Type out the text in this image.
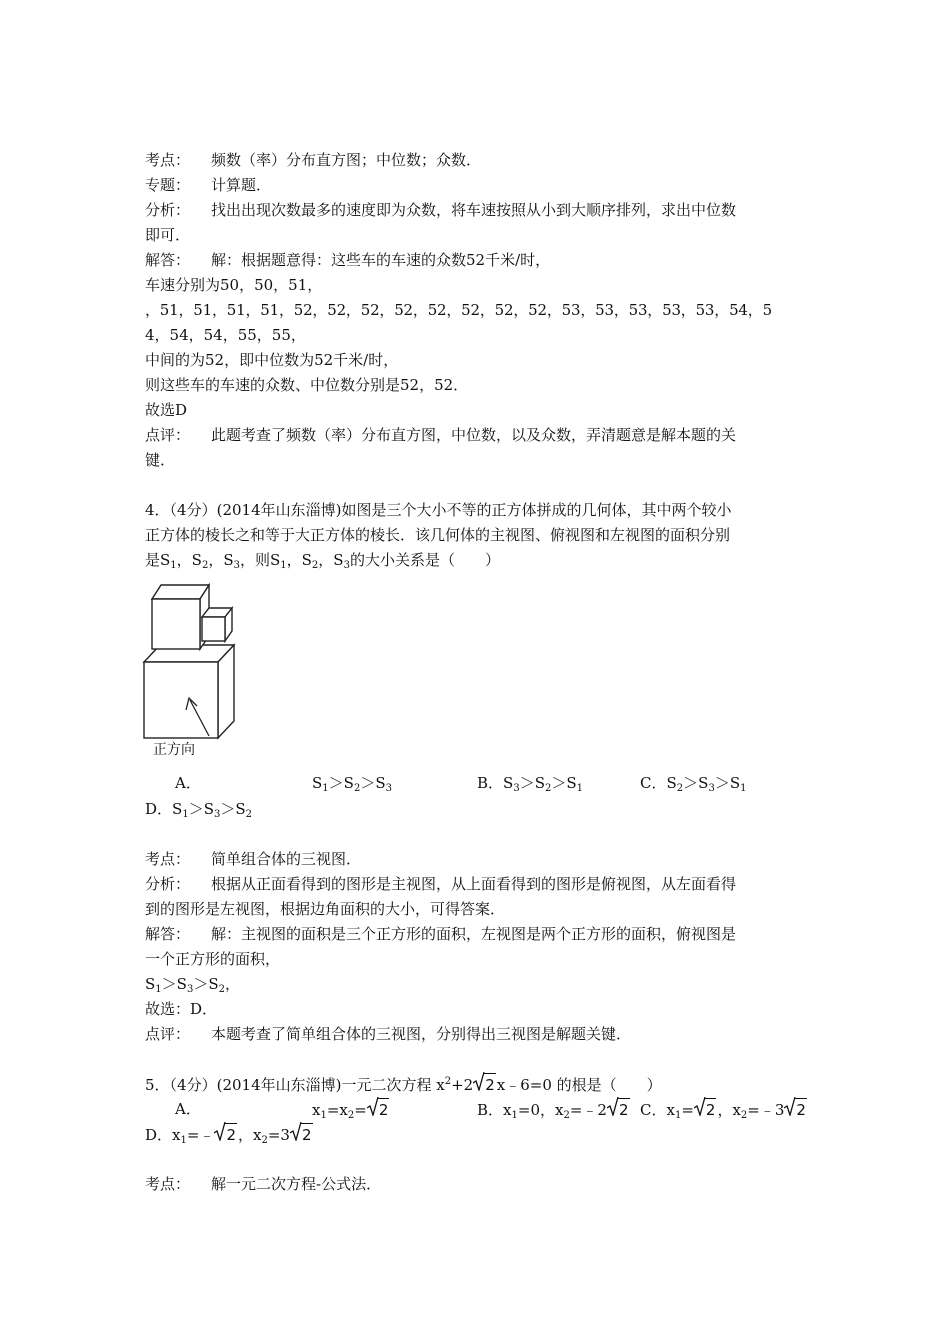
考点： 频数（率）分布直方图；中位数；众数．
专题： 计算题．
分析： 找出出现次数最多的速度即为众数，将车速按照从小到大顺序排列，求出中位数
即可．
解答： 解：根据题意得：这些车的车速的众数52千米/时，
车速分别为50，50，51，
，51，51，51，51，52，52，52，52，52，52，52，52，53，53，53，53，53，54，5
4，54，54，55，55，
中间的为52，即中位数为52千米/时，
则这些车的车速的众数、中位数分别是52，52．
故选D
点评： 此题考查了频数（率）分布直方图，中位数，以及众数，弄清题意是解本题的关
键．
4．（4分）(2014年山东淄博)如图是三个大小不等的正方体拼成的几何体，其中两个较小
正方体的棱长之和等于大正方体的棱长．该几何体的主视图、俯视图和左视图的面积分别
是$S_1$，$S_2$，$S_3$，则$S_1$，$S_2$，$S_3$的大小关系是（　　）
A．	$S_1>S_2>S_3$	B．$S_3>S_2>S_1$	C．$S_2>S_3>S_1$
D．$S_1>S_3>S_2$
考点： 简单组合体的三视图．
分析： 根据从正面看得到的图形是主视图，从上面看得到的图形是俯视图，从左面看得
到的图形是左视图，根据边角面积的大小，可得答案．
解答： 解：主视图的面积是三个正方形的面积，左视图是两个正方形的面积，俯视图是
一个正方形的面积，
$S_1>S_3>S_2$，
故选：D．
点评： 本题考查了简单组合体的三视图，分别得出三视图是解题关键．
5．（4分）(2014年山东淄博)一元二次方程 $x^2+2$ 2 x﹣6=0 的根是（　　）
A．	$x_1=x_2= 2$	B．$x_1=0$，$x_2=﹣2$ 2 C．$x_1= 2$ ，$x_2=﹣3$ 2
D．$x_1=﹣$ 2 ，$x_2=3$ 2
考点： 解一元二次方程-公式法．
正方向
